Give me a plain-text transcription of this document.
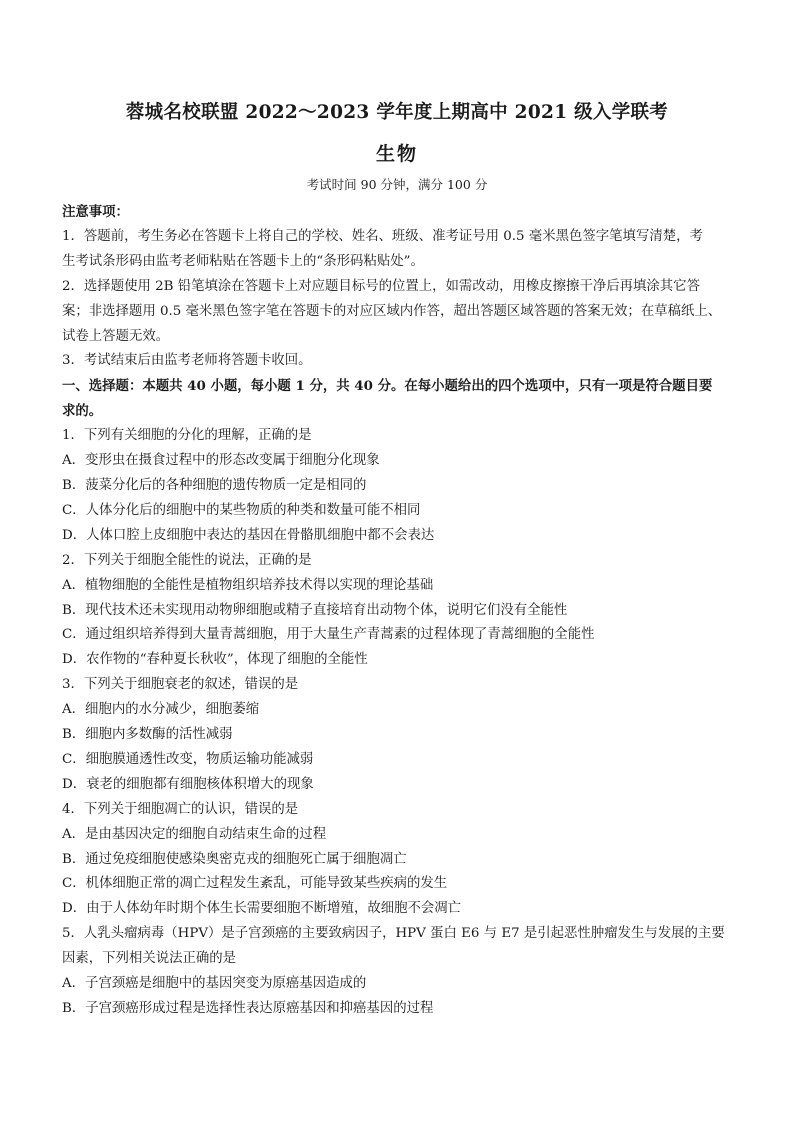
蓉城名校联盟 2022～2023 学年度上期高中 2021 级入学联考
生物
考试时间 90 分钟，满分 100 分
注意事项：
1．答题前，考生务必在答题卡上将自己的学校、姓名、班级、准考证号用 0.5 毫米黑色签字笔填写清楚，考
生考试条形码由监考老师粘贴在答题卡上的“条形码粘贴处”。
2．选择题使用 2B 铅笔填涂在答题卡上对应题目标号的位置上，如需改动，用橡皮擦擦干净后再填涂其它答
案；非选择题用 0.5 毫米黑色签字笔在答题卡的对应区域内作答，超出答题区域答题的答案无效；在草稿纸上、
试卷上答题无效。
3．考试结束后由监考老师将答题卡收回。
一、选择题：本题共 40 小题，每小题 1 分，共 40 分。在每小题给出的四个选项中，只有一项是符合题目要
求的。
1．下列有关细胞的分化的理解，正确的是
A．变形虫在摄食过程中的形态改变属于细胞分化现象
B．菠菜分化后的各种细胞的遗传物质一定是相同的
C．人体分化后的细胞中的某些物质的种类和数量可能不相同
D．人体口腔上皮细胞中表达的基因在骨骼肌细胞中都不会表达
2．下列关于细胞全能性的说法，正确的是
A．植物细胞的全能性是植物组织培养技术得以实现的理论基础
B．现代技术还未实现用动物卵细胞或精子直接培育出动物个体，说明它们没有全能性
C．通过组织培养得到大量青蒿细胞，用于大量生产青蒿素的过程体现了青蒿细胞的全能性
D．农作物的“春种夏长秋收”，体现了细胞的全能性
3．下列关于细胞衰老的叙述，错误的是
A．细胞内的水分减少，细胞萎缩
B．细胞内多数酶的活性减弱
C．细胞膜通透性改变，物质运输功能减弱
D．衰老的细胞都有细胞核体积增大的现象
4．下列关于细胞凋亡的认识，错误的是
A．是由基因决定的细胞自动结束生命的过程
B．通过免疫细胞使感染奥密克戎的细胞死亡属于细胞凋亡
C．机体细胞正常的凋亡过程发生紊乱，可能导致某些疾病的发生
D．由于人体幼年时期个体生长需要细胞不断增殖，故细胞不会凋亡
5．人乳头瘤病毒（HPV）是子宫颈癌的主要致病因子，HPV 蛋白 E6 与 E7 是引起恶性肿瘤发生与发展的主要
因素，下列相关说法正确的是
A．子宫颈癌是细胞中的基因突变为原癌基因造成的
B．子宫颈癌形成过程是选择性表达原癌基因和抑癌基因的过程
